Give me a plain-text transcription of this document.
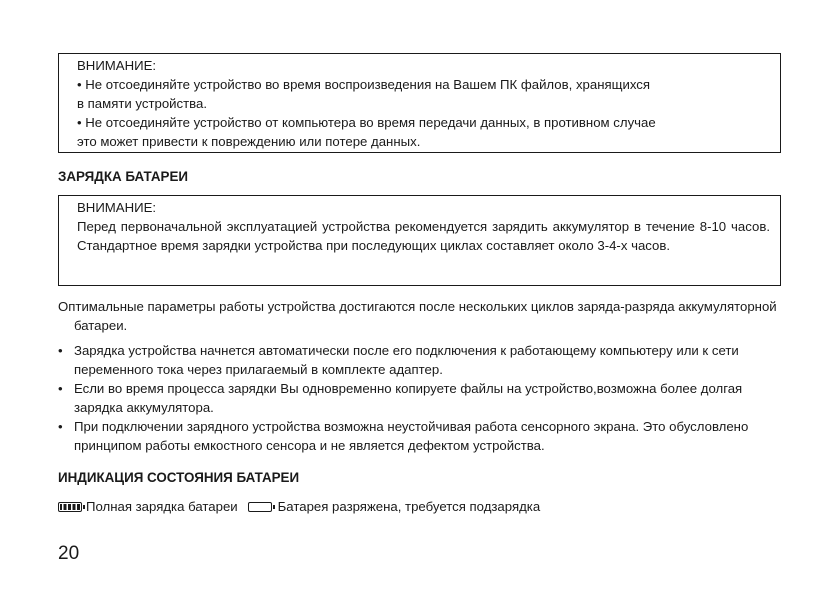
ВНИМАНИЕ:

• Не отсоединяйте устройство во время воспроизведения на Вашем ПК файлов, хранящихся

в памяти устройства.

• Не отсоединяйте устройство от компьютера во время передачи данных, в противном случае

это может привести к повреждению или потере данных.

ЗАРЯДКА БАТАРЕИ

ВНИМАНИЕ:

Перед первоначальной эксплуатацией устройства рекомендуется зарядить аккумулятор в течение 8-10 часов. Стандартное время зарядки устройства при последующих циклах составляет около 3-4-х часов.

Оптимальные параметры работы устройства достигаются после нескольких циклов заряда-разряда аккумуляторной батареи.

• Зарядка устройства начнется автоматически после его подключения к работающему компьютеру или к сети переменного тока через прилагаемый в комплекте адаптер.
• Если во время процесса зарядки Вы одновременно копируете файлы на устройство,возможна более долгая зарядка аккумулятора.
• При подключении зарядного устройства возможна неустойчивая работа сенсорного экрана. Это обусловлено принципом работы емкостного сенсора и не является дефектом устройства.
ИНДИКАЦИЯ СОСТОЯНИЯ БАТАРЕИ
Полная зарядка батареи	Батарея разряжена, требуется подзарядка
20
